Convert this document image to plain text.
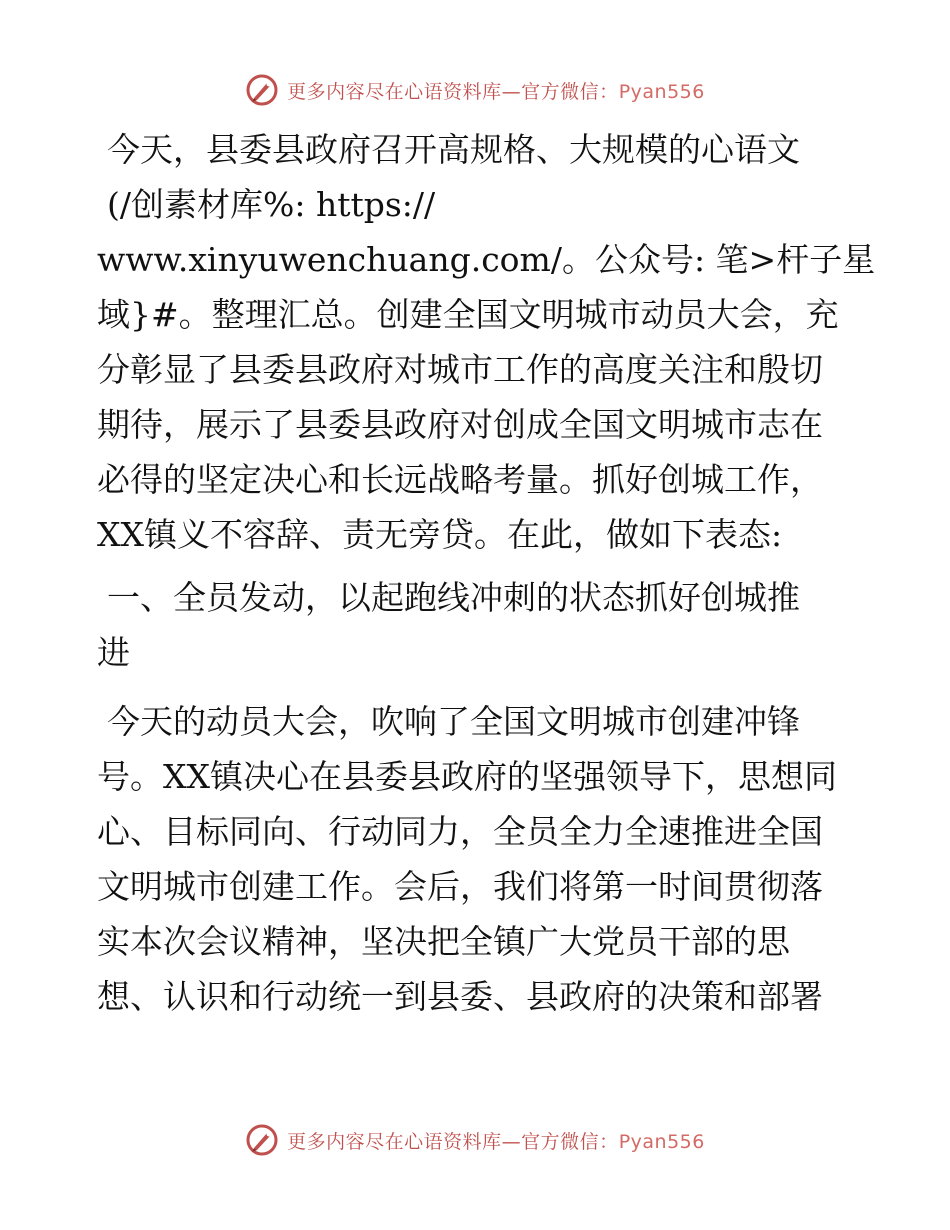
更多内容尽在心语资料库—官方微信：Pyan556
今天，县委县政府召开高规格、大规模的心语文
(/创素材库%: https://
www.xinyuwenchuang.com/。公众号: 笔>杆子星
域}#。整理汇总。创建全国文明城市动员大会，充
分彰显了县委县政府对城市工作的高度关注和殷切
期待，展示了县委县政府对创成全国文明城市志在
必得的坚定决心和长远战略考量。抓好创城工作，
XX镇义不容辞、责无旁贷。在此，做如下表态:
一、全员发动，以起跑线冲刺的状态抓好创城推
进
今天的动员大会，吹响了全国文明城市创建冲锋
号。XX镇决心在县委县政府的坚强领导下，思想同
心、目标同向、行动同力，全员全力全速推进全国
文明城市创建工作。会后，我们将第一时间贯彻落
实本次会议精神，坚决把全镇广大党员干部的思
想、认识和行动统一到县委、县政府的决策和部署
更多内容尽在心语资料库—官方微信：Pyan556
